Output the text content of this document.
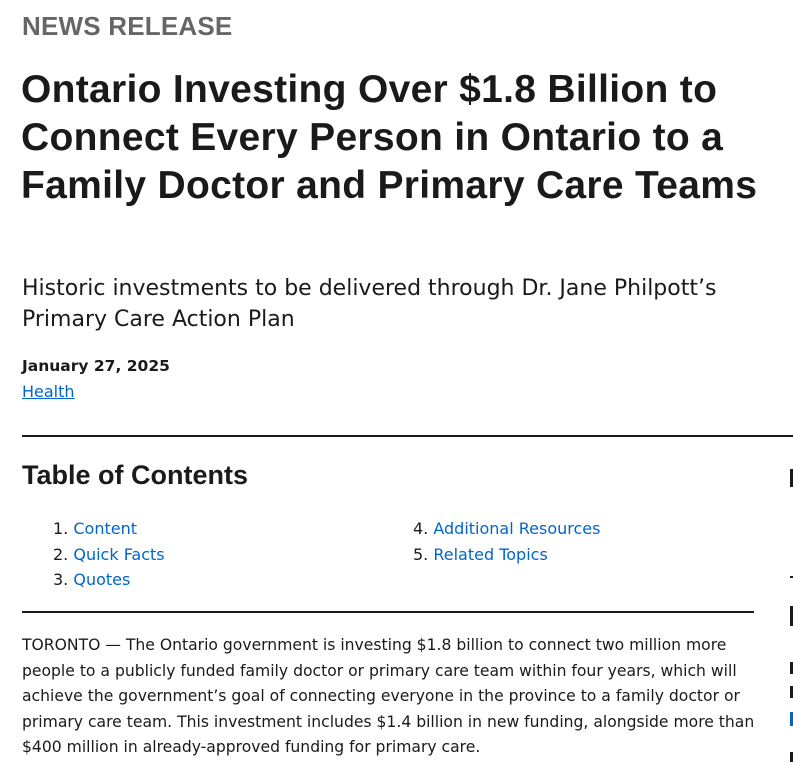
NEWS RELEASE
Ontario Investing Over $1.8 Billion to Connect Every Person in Ontario to a Family Doctor and Primary Care Teams

Historic investments to be delivered through Dr. Jane Philpott’s Primary Care Action Plan

January 27, 2025
Health
Table of Contents
1. Content
2. Quick Facts
3. Quotes
4. Additional Resources
5. Related Topics

TORONTO — The Ontario government is investing $1.8 billion to connect two million more people to a publicly funded family doctor or primary care team within four years, which will achieve the government’s goal of connecting everyone in the province to a family doctor or primary care team. This investment includes $1.4 billion in new funding, alongside more than $400 million in already-approved funding for primary care.
